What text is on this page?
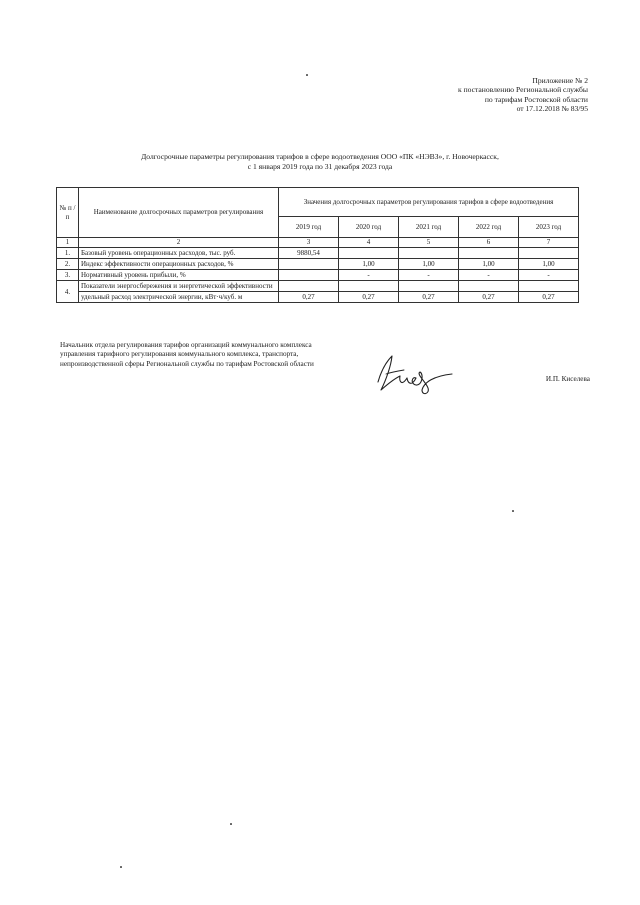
Приложение № 2
к постановлению Региональной службы
по тарифам Ростовской области
от 17.12.2018 № 83/95
Долгосрочные параметры регулирования тарифов в сфере водоотведения ООО «ПК «НЭВЗ», г. Новочеркасск,
с 1 января 2019 года по 31 декабря 2023 года
№ п /п	Наименование долгосрочных параметров регулирования	Значения долгосрочных параметров регулирования тарифов в сфере водоотведения				
		2019 год	2020 год	2021 год	2022 год	2023 год
1	2	3	4	5	6	7
1.	Базовый уровень операционных расходов, тыс. руб.	9880,54				
2.	Индекс эффективности операционных расходов, %		1,00	1,00	1,00	1,00
3.	Нормативный уровень прибыли, %		-	-	-	-
4.	Показатели энергосбережения и энергетической эффективности					
	удельный расход электрической энергии, кВт·ч/куб. м	0,27	0,27	0,27	0,27	0,27
Начальник отдела регулирования тарифов организаций коммунального комплекса управления тарифного регулирования коммунального комплекса, транспорта, непроизводственной сферы Региональной службы по тарифам Ростовской области
И.П. Киселева
